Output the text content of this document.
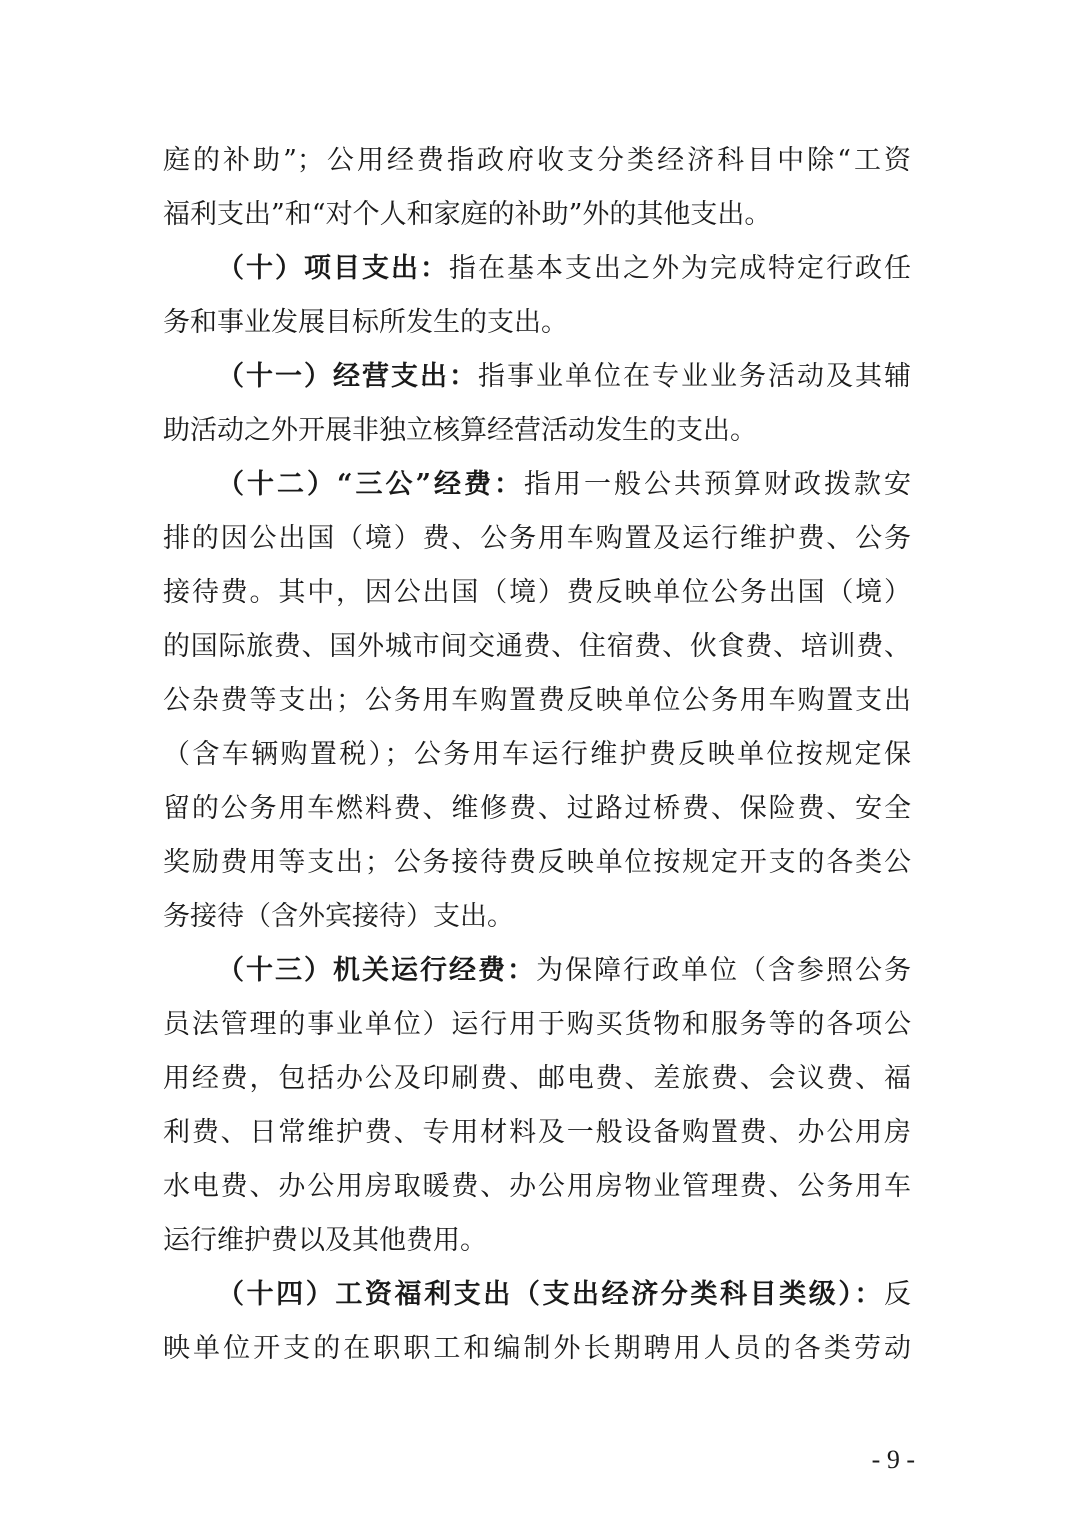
庭的补助”；公用经费指政府收支分类经济科目中除“工资
福利支出”和“对个人和家庭的补助”外的其他支出。
（十）项目支出：指在基本支出之外为完成特定行政任
务和事业发展目标所发生的支出。
（十一）经营支出：指事业单位在专业业务活动及其辅
助活动之外开展非独立核算经营活动发生的支出。
（十二）“三公”经费：指用一般公共预算财政拨款安
排的因公出国（境）费、公务用车购置及运行维护费、公务
接待费。其中，因公出国（境）费反映单位公务出国（境）
的国际旅费、国外城市间交通费、住宿费、伙食费、培训费、
公杂费等支出；公务用车购置费反映单位公务用车购置支出
（含车辆购置税）；公务用车运行维护费反映单位按规定保
留的公务用车燃料费、维修费、过路过桥费、保险费、安全
奖励费用等支出；公务接待费反映单位按规定开支的各类公
务接待（含外宾接待）支出。
（十三）机关运行经费：为保障行政单位（含参照公务
员法管理的事业单位）运行用于购买货物和服务等的各项公
用经费，包括办公及印刷费、邮电费、差旅费、会议费、福
利费、日常维护费、专用材料及一般设备购置费、办公用房
水电费、办公用房取暖费、办公用房物业管理费、公务用车
运行维护费以及其他费用。
（十四）工资福利支出（支出经济分类科目类级）：反
映单位开支的在职职工和编制外长期聘用人员的各类劳动
- 9 -
